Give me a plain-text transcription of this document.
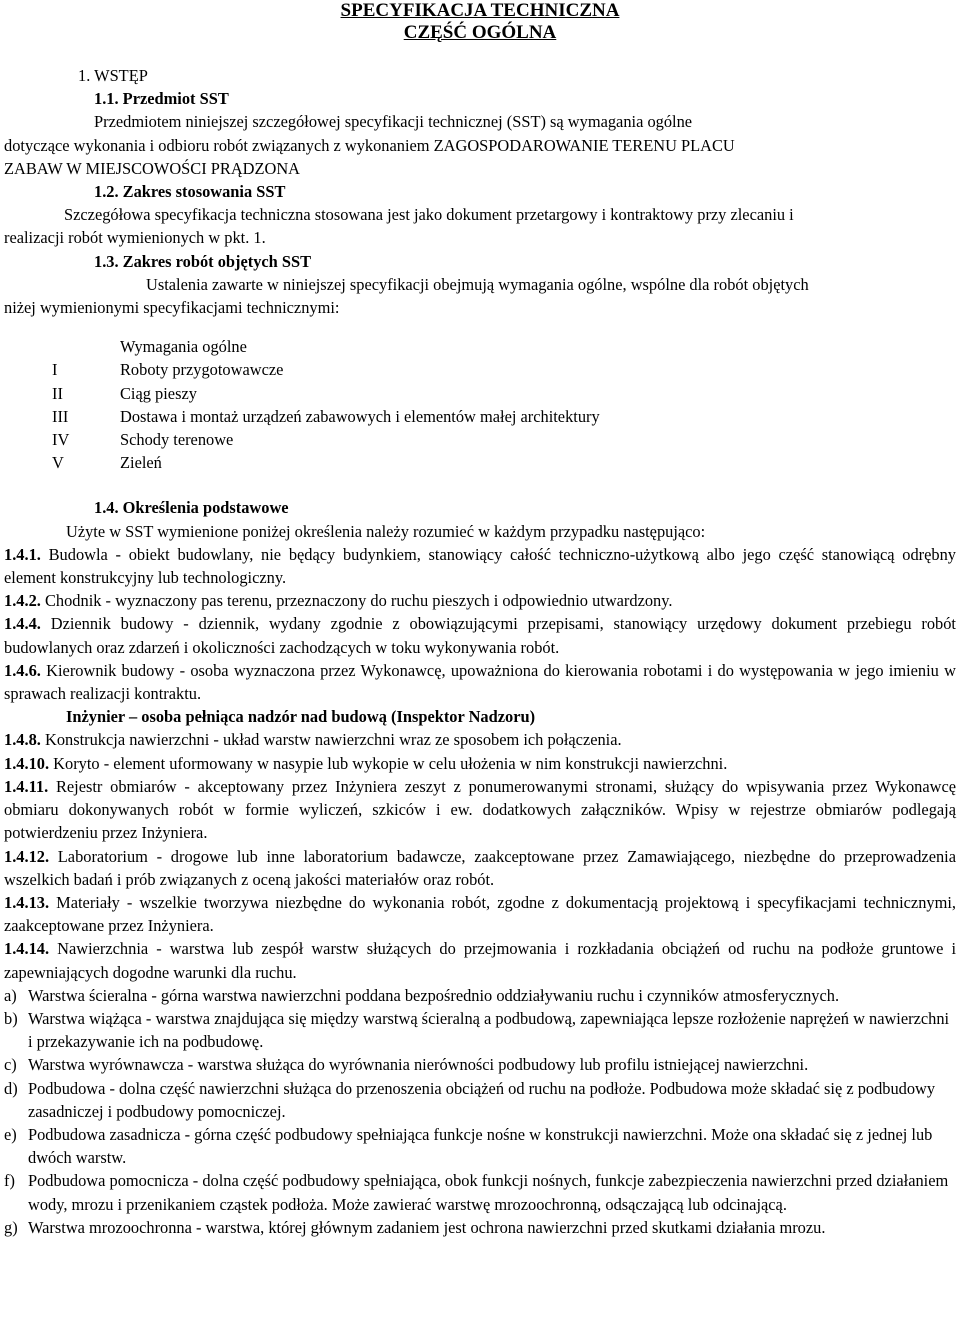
SPECYFIKACJA TECHNICZNA
CZĘŚĆ OGÓLNA
1. WSTĘP
1.1. Przedmiot SST
Przedmiotem niniejszej szczegółowej specyfikacji technicznej (SST) są wymagania ogólne
dotyczące wykonania i odbioru robót związanych z wykonaniem ZAGOSPODAROWANIE TERENU PLACU
ZABAW W MIEJSCOWOŚCI PRĄDZONA
1.2. Zakres stosowania SST
Szczegółowa specyfikacja techniczna stosowana jest jako dokument przetargowy i kontraktowy przy zlecaniu i
realizacji robót wymienionych w pkt. 1.
1.3. Zakres robót objętych SST
Ustalenia zawarte w niniejszej specyfikacji obejmują wymagania ogólne, wspólne dla robót objętych
niżej wymienionymi specyfikacjami technicznymi:
	Wymagania ogólne
I	Roboty przygotowawcze
II	Ciąg pieszy
III	Dostawa i montaż urządzeń zabawowych i elementów małej architektury
IV	Schody terenowe
V	Zieleń
1.4. Określenia podstawowe
Użyte w SST wymienione poniżej określenia należy rozumieć w każdym przypadku następująco:
1.4.1. Budowla - obiekt budowlany, nie będący budynkiem, stanowiący całość techniczno-użytkową albo jego część stanowiącą odrębny element konstrukcyjny lub technologiczny.
1.4.2. Chodnik - wyznaczony pas terenu, przeznaczony do ruchu pieszych i odpowiednio utwardzony.
1.4.4. Dziennik budowy - dziennik, wydany zgodnie z obowiązującymi przepisami, stanowiący urzędowy dokument przebiegu robót budowlanych oraz zdarzeń i okoliczności zachodzących w toku wykonywania robót.
1.4.6. Kierownik budowy - osoba wyznaczona przez Wykonawcę, upoważniona do kierowania robotami i do występowania w jego imieniu w sprawach realizacji kontraktu.
Inżynier – osoba pełniąca nadzór nad budową (Inspektor Nadzoru)
1.4.8. Konstrukcja nawierzchni - układ warstw nawierzchni wraz ze sposobem ich połączenia.
1.4.10. Koryto - element uformowany w nasypie lub wykopie w celu ułożenia w nim konstrukcji nawierzchni.
1.4.11. Rejestr obmiarów - akceptowany przez Inżyniera zeszyt z ponumerowanymi stronami, służący do wpisywania przez Wykonawcę obmiaru dokonywanych robót w formie wyliczeń, szkiców i ew. dodatkowych załączników. Wpisy w rejestrze obmiarów podlegają potwierdzeniu przez Inżyniera.
1.4.12. Laboratorium - drogowe lub inne laboratorium badawcze, zaakceptowane przez Zamawiającego, niezbędne do przeprowadzenia wszelkich badań i prób związanych z oceną jakości materiałów oraz robót.
1.4.13. Materiały - wszelkie tworzywa niezbędne do wykonania robót, zgodne z dokumentacją projektową i specyfikacjami technicznymi, zaakceptowane przez Inżyniera.
1.4.14. Nawierzchnia - warstwa lub zespół warstw służących do przejmowania i rozkładania obciążeń od ruchu na podłoże gruntowe i zapewniających dogodne warunki dla ruchu.
a) Warstwa ścieralna - górna warstwa nawierzchni poddana bezpośrednio oddziaływaniu ruchu i czynników atmosferycznych.
b) Warstwa wiążąca - warstwa znajdująca się między warstwą ścieralną a podbudową, zapewniająca lepsze rozłożenie naprężeń w nawierzchni i przekazywanie ich na podbudowę.
c) Warstwa wyrównawcza - warstwa służąca do wyrównania nierówności podbudowy lub profilu istniejącej nawierzchni.
d) Podbudowa - dolna część nawierzchni służąca do przenoszenia obciążeń od ruchu na podłoże. Podbudowa może składać się z podbudowy zasadniczej i podbudowy pomocniczej.
e) Podbudowa zasadnicza - górna część podbudowy spełniająca funkcje nośne w konstrukcji nawierzchni. Może ona składać się z jednej lub dwóch warstw.
f) Podbudowa pomocnicza - dolna część podbudowy spełniająca, obok funkcji nośnych, funkcje zabezpieczenia nawierzchni przed działaniem wody, mrozu i przenikaniem cząstek podłoża. Może zawierać warstwę mrozoochronną, odsączającą lub odcinającą.
g) Warstwa mrozoochronna - warstwa, której głównym zadaniem jest ochrona nawierzchni przed skutkami działania mrozu.
